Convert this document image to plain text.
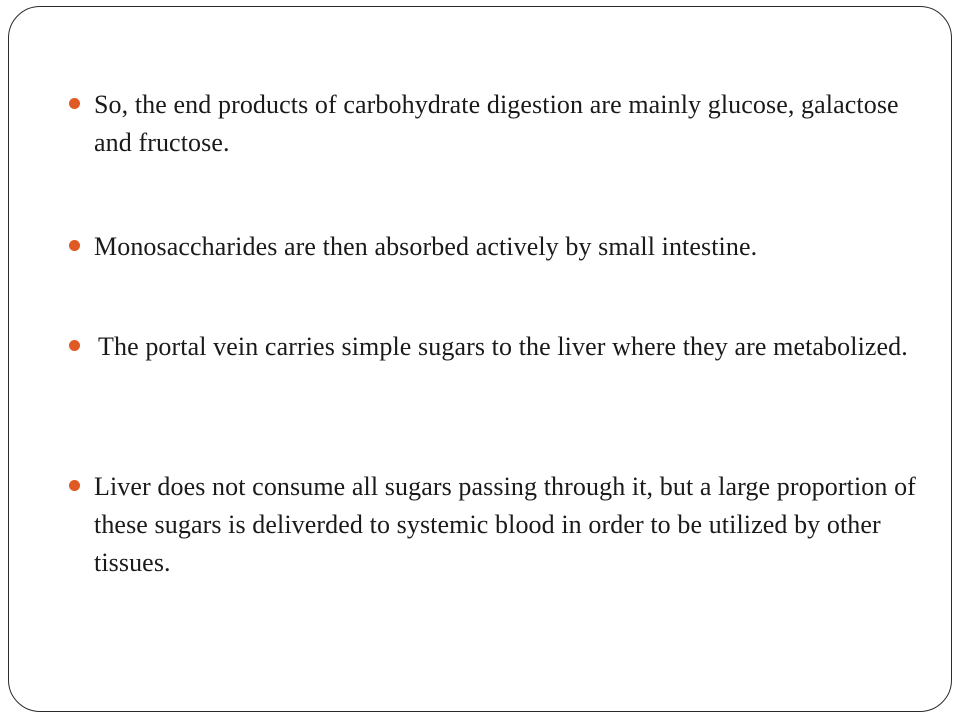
So, the end products of carbohydrate digestion are mainly glucose, galactose and fructose.
Monosaccharides are then absorbed actively by small intestine.
The portal vein carries simple sugars to the liver where they are metabolized.
Liver does not consume all sugars passing through it, but a large proportion of these sugars is deliverded to systemic blood in order to be utilized by other tissues.
